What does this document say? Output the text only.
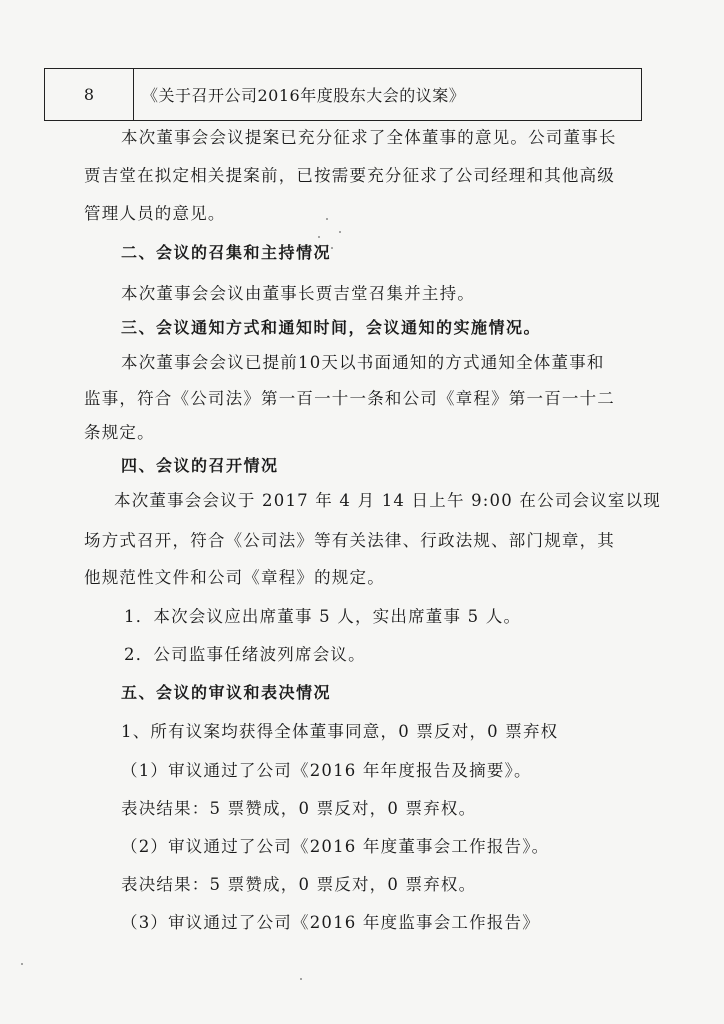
8	《关于召开公司2016年度股东大会的议案》
本次董事会会议提案已充分征求了全体董事的意见。公司董事长
贾吉堂在拟定相关提案前，已按需要充分征求了公司经理和其他高级
管理人员的意见。
二、会议的召集和主持情况
本次董事会会议由董事长贾吉堂召集并主持。
三、会议通知方式和通知时间，会议通知的实施情况。
本次董事会会议已提前10天以书面通知的方式通知全体董事和
监事，符合《公司法》第一百一十一条和公司《章程》第一百一十二
条规定。
四、会议的召开情况
本次董事会会议于 2017 年 4 月 14 日上午 9:00 在公司会议室以现
场方式召开，符合《公司法》等有关法律、行政法规、部门规章，其
他规范性文件和公司《章程》的规定。
1．本次会议应出席董事 5 人，实出席董事 5 人。
2．公司监事任绪波列席会议。
五、会议的审议和表决情况
1、所有议案均获得全体董事同意，0 票反对，0 票弃权
（1）审议通过了公司《2016 年年度报告及摘要》。
表决结果：5 票赞成，0 票反对，0 票弃权。
（2）审议通过了公司《2016 年度董事会工作报告》。
表决结果：5 票赞成，0 票反对，0 票弃权。
（3）审议通过了公司《2016 年度监事会工作报告》
